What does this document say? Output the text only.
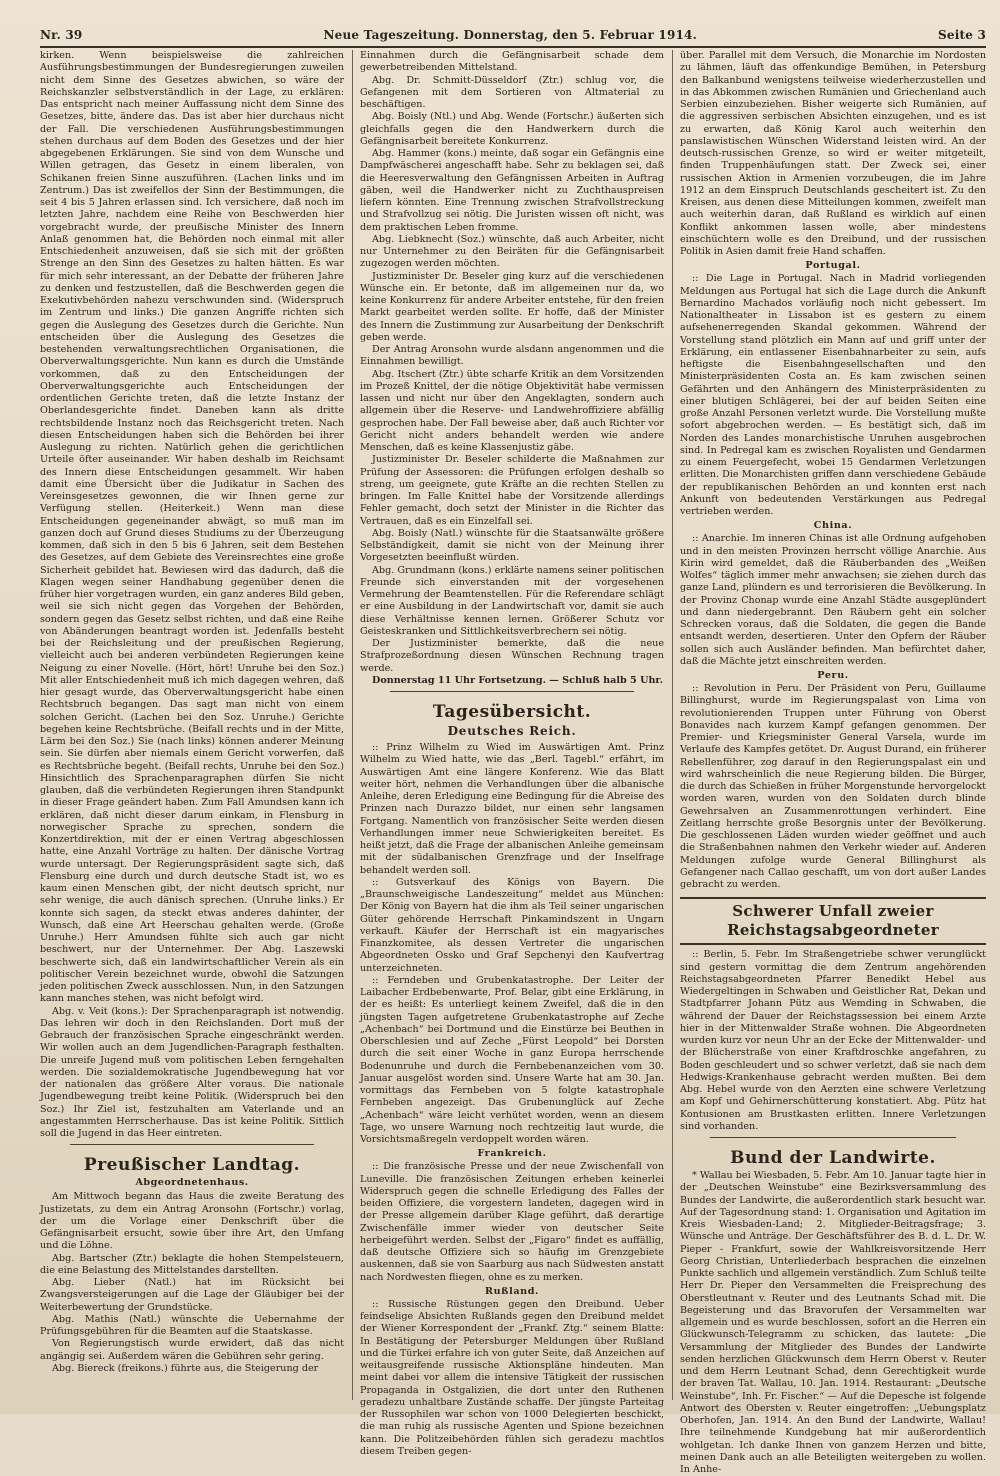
Nr. 39	Neue Tageszeitung. Donnerstag, den 5. Februar 1914.	Seite 3

kirken. Wenn beispielsweise die zahlreichen Ausführungsbestimmungen der Bundesregierungen zuweilen nicht dem Sinne des Gesetzes abwichen, so wäre der Reichskanzler selbstverständlich in der Lage, zu erklären: Das entspricht nach meiner Auffassung nicht dem Sinne des Gesetzes, bitte, ändere das. Das ist aber hier durchaus nicht der Fall. Die verschiedenen Ausführungsbestimmungen stehen durchaus auf dem Boden des Gesetzes und der hier abgegebenen Erklärungen. Sie sind von dem Wunsche und Willen getragen, das Gesetz in einem liberalen, von Schikanen freien Sinne auszuführen. (Lachen links und im Zentrum.) Das ist zweifellos der Sinn der Bestimmungen, die seit 4 bis 5 Jahren erlassen sind. Ich versichere, daß noch im letzten Jahre, nachdem eine Reihe von Beschwerden hier vorgebracht wurde, der preußische Minister des Innern Anlaß genommen hat, die Behörden noch einmal mit aller Entschiedenheit anzuweisen, daß sie sich mit der größten Strenge an den Sinn des Gesetzes zu halten hätten. Es war für mich sehr interessant, an der Debatte der früheren Jahre zu denken und festzustellen, daß die Beschwerden gegen die Exekutivbehörden nahezu verschwunden sind. (Widerspruch im Zentrum und links.) Die ganzen Angriffe richten sich gegen die Auslegung des Gesetzes durch die Gerichte. Nun entscheiden über die Auslegung des Gesetzes die bestehenden verwaltungsrechtlichen Organisationen, die Oberverwaltungsgerichte. Nun kann es durch die Umstände vorkommen, daß zu den Entscheidungen der Oberverwaltungsgerichte auch Entscheidungen der ordentlichen Gerichte treten, daß die letzte Instanz der Oberlandesgerichte findet. Daneben kann als dritte rechtsbildende Instanz noch das Reichsgericht treten. Nach diesen Entscheidungen haben sich die Behörden bei ihrer Auslegung zu richten. Natürlich gehen die gerichtlichen Urteile öfter auseinander. Wir haben deshalb im Reichsamt des Innern diese Entscheidungen gesammelt. Wir haben damit eine Übersicht über die Judikatur in Sachen des Vereinsgesetzes gewonnen, die wir Ihnen gerne zur Verfügung stellen. (Heiterkeit.) Wenn man diese Entscheidungen gegeneinander abwägt, so muß man im ganzen doch auf Grund dieses Studiums zu der Überzeugung kommen, daß sich in den 5 bis 6 Jahren, seit dem Bestehen des Gesetzes, auf dem Gebiete des Vereinsrechtes eine große Sicherheit gebildet hat. Bewiesen wird das dadurch, daß die Klagen wegen seiner Handhabung gegenüber denen die früher hier vorgetragen wurden, ein ganz anderes Bild geben, weil sie sich nicht gegen das Vorgehen der Behörden, sondern gegen das Gesetz selbst richten, und daß eine Reihe von Abänderungen beantragt worden ist. Jedenfalls besteht bei der Reichsleitung und der preußischen Regierung, vielleicht auch bei anderen verbündeten Regierungen keine Neigung zu einer Novelle. (Hört, hört! Unruhe bei den Soz.) Mit aller Entschiedenheit muß ich mich dagegen wehren, daß hier gesagt wurde, das Oberverwaltungsgericht habe einen Rechtsbruch begangen. Das sagt man nicht von einem solchen Gericht. (Lachen bei den Soz. Unruhe.) Gerichte begehen keine Rechtsbrüche. (Beifall rechts und in der Mitte, Lärm bei den Soz.) Sie (nach links) können anderer Meinung sein. Sie dürfen aber niemals einem Gericht vorwerfen, daß es Rechtsbrüche begeht. (Beifall rechts, Unruhe bei den Soz.) Hinsichtlich des Sprachenparagraphen dürfen Sie nicht glauben, daß die verbündeten Regierungen ihren Standpunkt in dieser Frage geändert haben. Zum Fall Amundsen kann ich erklären, daß nicht dieser darum einkam, in Flensburg in norwegischer Sprache zu sprechen, sondern die Konzertdirektion, mit der er einen Vertrag abgeschlossen hatte, eine Anzahl Vorträge zu halten. Der dänische Vortrag wurde untersagt. Der Regierungspräsident sagte sich, daß Flensburg eine durch und durch deutsche Stadt ist, wo es kaum einen Menschen gibt, der nicht deutsch spricht, nur sehr wenige, die auch dänisch sprechen. (Unruhe links.) Er konnte sich sagen, da steckt etwas anderes dahinter, der Wunsch, daß eine Art Heerschau gehalten werde. (Große Unruhe.) Herr Amundsen fühlte sich auch gar nicht beschwert, nur der Unternehmer. Der Abg. Laszewski beschwerte sich, daß ein landwirtschaftlicher Verein als ein politischer Verein bezeichnet wurde, obwohl die Satzungen jeden politischen Zweck ausschlossen. Nun, in den Satzungen kann manches stehen, was nicht befolgt wird.

Abg. v. Veit (kons.): Der Sprachenparagraph ist notwendig. Das lehren wir doch in den Reichslanden. Dort muß der Gebrauch der französischen Sprache eingeschränkt werden. Wir wollen auch an dem Jugendlichen-Paragraph festhalten. Die unreife Jugend muß vom politischen Leben ferngehalten werden. Die sozialdemokratische Jugendbewegung hat vor der nationalen das größere Alter voraus. Die nationale Jugendbewegung treibt keine Politik. (Widerspruch bei den Soz.) Ihr Ziel ist, festzuhalten am Vaterlande und an angestammten Herrscherhause. Das ist keine Politik. Sittlich soll die Jugend in das Heer eintreten.

Preußischer Landtag.
Abgeordnetenhaus.

Am Mittwoch begann das Haus die zweite Beratung des Justizetats, zu dem ein Antrag Aronsohn (Fortschr.) vorlag, der um die Vorlage einer Denkschrift über die Gefängnisarbeit ersucht, sowie über ihre Art, den Umfang und die Löhne.

Abg. Bartscher (Ztr.) beklagte die hohen Stempelsteuern, die eine Belastung des Mittelstandes darstellten.

Abg. Lieber (Natl.) hat im Rücksicht bei Zwangsversteigerungen auf die Lage der Gläubiger bei der Weiterbewertung der Grundstücke.

Abg. Mathis (Natl.) wünschte die Uebernahme der Prüfungsgebühren für die Beamten auf die Staatskasse.

Von Regierungstisch wurde erwidert, daß das nicht angängig sei. Außerdem wären die Gebühren sehr gering.

Abg. Biereck (freikons.) führte aus, die Steigerung der

Einnahmen durch die Gefängnisarbeit schade dem gewerbetreibenden Mittelstand.

Abg. Dr. Schmitt-Düsseldorf (Ztr.) schlug vor, die Gefangenen mit dem Sortieren von Altmaterial zu beschäftigen.

Abg. Boisly (Ntl.) und Abg. Wende (Fortschr.) äußerten sich gleichfalls gegen die den Handwerkern durch die Gefängnisarbeit bereitete Konkurrenz.

Abg. Hammer (kons.) meinte, daß sogar ein Gefängnis eine Dampfwäscherei angeschafft habe. Sehr zu beklagen sei, daß die Heeresverwaltung den Gefängnissen Arbeiten in Auftrag gäben, weil die Handwerker nicht zu Zuchthauspreisen liefern könnten. Eine Trennung zwischen Strafvollstreckung und Strafvollzug sei nötig. Die Juristen wissen oft nicht, was dem praktischen Leben fromme.

Abg. Liebknecht (Soz.) wünschte, daß auch Arbeiter, nicht nur Unternehmer zu den Beiräten für die Gefängnisarbeit zugezogen werden möchten.

Justizminister Dr. Beseler ging kurz auf die verschiedenen Wünsche ein. Er betonte, daß im allgemeinen nur da, wo keine Konkurrenz für andere Arbeiter entstehe, für den freien Markt gearbeitet werden sollte. Er hoffe, daß der Minister des Innern die Zustimmung zur Ausarbeitung der Denkschrift geben werde.

Der Antrag Aronsohn wurde alsdann angenommen und die Einnahmen bewilligt.

Abg. Itschert (Ztr.) übte scharfe Kritik an dem Vorsitzenden im Prozeß Knittel, der die nötige Objektivität habe vermissen lassen und nicht nur über den Angeklagten, sondern auch allgemein über die Reserve- und Landwehroffiziere abfällig gesprochen habe. Der Fall beweise aber, daß auch Richter vor Gericht nicht anders behandelt werden wie andere Menschen, daß es keine Klassenjustiz gäbe.

Justizminister Dr. Beseler schilderte die Maßnahmen zur Prüfung der Assessoren: die Prüfungen erfolgen deshalb so streng, um geeignete, gute Kräfte an die rechten Stellen zu bringen. Im Falle Knittel habe der Vorsitzende allerdings Fehler gemacht, doch setzt der Minister in die Richter das Vertrauen, daß es ein Einzelfall sei.

Abg. Boisly (Natl.) wünschte für die Staatsanwälte größere Selbständigkeit, damit sie nicht von der Meinung ihrer Vorgesetzten beeinflußt würden.

Abg. Grundmann (kons.) erklärte namens seiner politischen Freunde sich einverstanden mit der vorgesehenen Vermehrung der Beamtenstellen. Für die Referendare schlägt er eine Ausbildung in der Landwirtschaft vor, damit sie auch diese Verhältnisse kennen lernen. Größerer Schutz vor Geisteskranken und Sittlichkeitsverbrechern sei nötig.

Der Justizminister bemerkte, daß die neue Strafprozeßordnung diesen Wünschen Rechnung tragen werde.

Donnerstag 11 Uhr Fortsetzung. — Schluß halb 5 Uhr.

Tagesübersicht.
Deutsches Reich.

:: Prinz Wilhelm zu Wied im Auswärtigen Amt. Prinz Wilhelm zu Wied hatte, wie das „Berl. Tagebl.“ erfährt, im Auswärtigen Amt eine längere Konferenz. Wie das Blatt weiter hört, nehmen die Verhandlungen über die albanische Anleihe, deren Erledigung eine Bedingung für die Abreise des Prinzen nach Durazzo bildet, nur einen sehr langsamen Fortgang. Namentlich von französischer Seite werden diesen Verhandlungen immer neue Schwierigkeiten bereitet. Es heißt jetzt, daß die Frage der albanischen Anleihe gemeinsam mit der südalbanischen Grenzfrage und der Inselfrage behandelt werden soll.

:: Gutsverkauf des Königs von Bayern. Die „Braunschweigische Landeszeitung“ meldet aus München: Der König von Bayern hat die ihm als Teil seiner ungarischen Güter gehörende Herrschaft Pinkamindszent in Ungarn verkauft. Käufer der Herrschaft ist ein magyarisches Finanzkomitee, als dessen Vertreter die ungarischen Abgeordneten Ossko und Graf Sepchenyi den Kaufvertrag unterzeichneten.

:: Ferndeben und Grubenkatastrophe. Der Leiter der Laibacher Erdbebenwarte, Prof. Belar, gibt eine Erklärung, in der es heißt: Es unterliegt keinem Zweifel, daß die in den jüngsten Tagen aufgetretene Grubenkatastrophe auf Zeche „Achenbach“ bei Dortmund und die Einstürze bei Beuthen in Oberschlesien und auf Zeche „Fürst Leopold“ bei Dorsten durch die seit einer Woche in ganz Europa herrschende Bodenunruhe und durch die Fernbebenanzeichen vom 30. Januar ausgelöst worden sind. Unsere Warte hat am 30. Jan. vormittags das Fernbeben von 5 folgte katastrophale Fernbeben angezeigt. Das Grubenunglück auf Zeche „Achenbach“ wäre leicht verhütet worden, wenn an diesem Tage, wo unsere Warnung noch rechtzeitig laut wurde, die Vorsichtsmaßregeln verdoppelt worden wären.

Frankreich.

:: Die französische Presse und der neue Zwischenfall von Luneville. Die französischen Zeitungen erheben keinerlei Widerspruch gegen die schnelle Erledigung des Falles der beiden Offiziere, die vorgestern landeten, dagegen wird in der Presse allgemein darüber Klage geführt, daß derartige Zwischenfälle immer wieder von deutscher Seite herbeigeführt werden. Selbst der „Figaro“ findet es auffällig, daß deutsche Offiziere sich so häufig im Grenzgebiete auskennen, daß sie von Saarburg aus nach Südwesten anstatt nach Nordwesten fliegen, ohne es zu merken.

Rußland.

:: Russische Rüstungen gegen den Dreibund. Ueber feindselige Absichten Rußlands gegen den Dreibund meldet der Wiener Korrespondent der „Frankf. Ztg.“ seinem Blatte: In Bestätigung der Petersburger Meldungen über Rußland und die Türkei erfahre ich von guter Seite, daß Anzeichen auf weitausgreifende russische Aktionspläne hindeuten. Man meint dabei vor allem die intensive Tätigkeit der russischen Propaganda in Ostgalizien, die dort unter den Ruthenen geradezu unhaltbare Zustände schaffe. Der jüngste Parteitag der Russophilen war schon von 1000 Delegierten beschickt, die man ruhig als russische Agenten und Spione bezeichnen kann. Die Politzeibehörden fühlen sich geradezu machtlos diesem Treiben gegen-

über. Parallel mit dem Versuch, die Monarchie im Nordosten zu lähmen, läuft das offenkundige Bemühen, in Petersburg den Balkanbund wenigstens teilweise wiederherzustellen und in das Abkommen zwischen Rumänien und Griechenland auch Serbien einzubeziehen. Bisher weigerte sich Rumänien, auf die aggressiven serbischen Absichten einzugehen, und es ist zu erwarten, daß König Karol auch weiterhin den panslawistischen Wünschen Widerstand leisten wird. An der deutsch-russischen Grenze, so wird er weiter mitgeteilt, finden Truppenhäufungen statt. Der Zweck sei, einer russischen Aktion in Armenien vorzubeugen, die im Jahre 1912 an dem Einspruch Deutschlands gescheitert ist. Zu den Kreisen, aus denen diese Mitteilungen kommen, zweifelt man auch weiterhin daran, daß Rußland es wirklich auf einen Konflikt ankommen lassen wolle, aber mindestens einschüchtern wolle es den Dreibund, und der russischen Politik in Asien damit freie Hand schaffen.

Portugal.

:: Die Lage in Portugal. Nach in Madrid vorliegenden Meldungen aus Portugal hat sich die Lage durch die Ankunft Bernardino Machados vorläufig noch nicht gebessert. Im Nationaltheater in Lissabon ist es gestern zu einem aufsehenerregenden Skandal gekommen. Während der Vorstellung stand plötzlich ein Mann auf und griff unter der Erklärung, ein entlassener Eisenbahnarbeiter zu sein, aufs heftigste die Eisenbahngesellschaften und den Ministerpräsidenten Costa an. Es kam zwischen seinen Gefährten und den Anhängern des Ministerpräsidenten zu einer blutigen Schlägerei, bei der auf beiden Seiten eine große Anzahl Personen verletzt wurde. Die Vorstellung mußte sofort abgebrochen werden. — Es bestätigt sich, daß im Norden des Landes monarchistische Unruhen ausgebrochen sind. In Pedregal kam es zwischen Royalisten und Gendarmen zu einem Feuergefecht, wobei 15 Gendarmen Verletzungen erlitten. Die Monarchisten griffen dann verschiedene Gebäude der republikanischen Behörden an und konnten erst nach Ankunft von bedeutenden Verstärkungen aus Pedregal vertrieben werden.

China.

:: Anarchie. Im inneren Chinas ist alle Ordnung aufgehoben und in den meisten Provinzen herrscht völlige Anarchie. Aus Kirin wird gemeldet, daß die Räuberbanden des „Weißen Wolfes“ täglich immer mehr anwachsen; sie ziehen durch das ganze Land, plündern es und terrorisieren die Bevölkerung. In der Provinz Chonap wurde eine Anzahl Städte ausgeplündert und dann niedergebrannt. Den Räubern geht ein solcher Schrecken voraus, daß die Soldaten, die gegen die Bande entsandt werden, desertieren. Unter den Opfern der Räuber sollen sich auch Ausländer befinden. Man befürchtet daher, daß die Mächte jetzt einschreiten werden.

Peru.

:: Revolution in Peru. Der Präsident von Peru, Guillaume Billinghurst, wurde im Regierungspalast von Lima von revolutionierenden Truppen unter Führung von Oberst Bonavides nach kurzem Kampf gefangen genommen. Der Premier- und Kriegsminister General Varsela, wurde im Verlaufe des Kampfes getötet. Dr. August Durand, ein früherer Rebellenführer, zog darauf in den Regierungspalast ein und wird wahrscheinlich die neue Regierung bilden. Die Bürger, die durch das Schießen in früher Morgenstunde hervorgelockt worden waren, wurden von den Soldaten durch blinde Gewehrsalven an Zusammenrottungen verhindert. Eine Zeitlang herrschte große Besorgnis unter der Bevölkerung. Die geschlossenen Läden wurden wieder geöffnet und auch die Straßenbahnen nahmen den Verkehr wieder auf. Anderen Meldungen zufolge wurde General Billinghurst als Gefangener nach Callao geschafft, um von dort außer Landes gebracht zu werden.

Schwerer Unfall zweier Reichstagsabgeordneter

:: Berlin, 5. Febr. Im Straßengetriebe schwer verunglückt sind gestern vormittag die dem Zentrum angehörenden Reichstagsabgeordneten Pfarrer Benedikt Hebel aus Wiedergeltingen in Schwaben und Geistlicher Rat, Dekan und Stadtpfarrer Johann Pütz aus Wemding in Schwaben, die während der Dauer der Reichstagssession bei einem Arzte hier in der Mittenwalder Straße wohnen. Die Abgeordneten wurden kurz vor neun Uhr an der Ecke der Mittenwalder- und der Blücherstraße von einer Kraftdroschke angefahren, zu Boden geschleudert und so schwer verletzt, daß sie nach dem Hedwigs-Krankenhause gebracht werden mußten. Bei dem Abg. Hebel wurde von den Aerzten eine schwere Verletzung am Kopf und Gehirnerschütterung konstatiert. Abg. Pütz hat Kontusionen am Brustkasten erlitten. Innere Verletzungen sind vorhanden.

Bund der Landwirte.

* Wallau bei Wiesbaden, 5. Febr. Am 10. Januar tagte hier in der „Deutschen Weinstube“ eine Bezirksversammlung des Bundes der Landwirte, die außerordentlich stark besucht war. Auf der Tagesordnung stand: 1. Organisation und Agitation im Kreis Wiesbaden-Land; 2. Mitglieder-Beitragsfrage; 3. Wünsche und Anträge. Der Geschäftsführer des B. d. L. Dr. W. Pieper - Frankfurt, sowie der Wahlkreisvorsitzende Herr Georg Christian, Unterliederbach besprachen die einzelnen Punkte sachlich und allgemein verständlich. Zum Schluß teilte Herr Dr. Pieper den Versammelten die Freisprechung des Oberstleutnant v. Reuter und des Leutnants Schad mit. Die Begeisterung und das Bravorufen der Versammelten war allgemein und es wurde beschlossen, sofort an die Herren ein Glückwunsch-Telegramm zu schicken, das lautete: „Die Versammlung der Mitglieder des Bundes der Landwirte senden herzlichen Glückwunsch dem Herrn Oberst v. Reuter und dem Herrn Leutnant Schad, denn Gerechtigkeit wurde der braven Tat. Wallau, 10. Jan. 1914. Restaurant: „Deutsche Weinstube“, Inh. Fr. Fischer.“ — Auf die Depesche ist folgende Antwort des Obersten v. Reuter eingetroffen: „Uebungsplatz Oberhofen, Jan. 1914. An den Bund der Landwirte, Wallau! Ihre teilnehmende Kundgebung hat mir außerordentlich wohlgetan. Ich danke Ihnen von ganzem Herzen und bitte, meinen Dank auch an alle Beteiligten weitergeben zu wollen. In Anhe-
